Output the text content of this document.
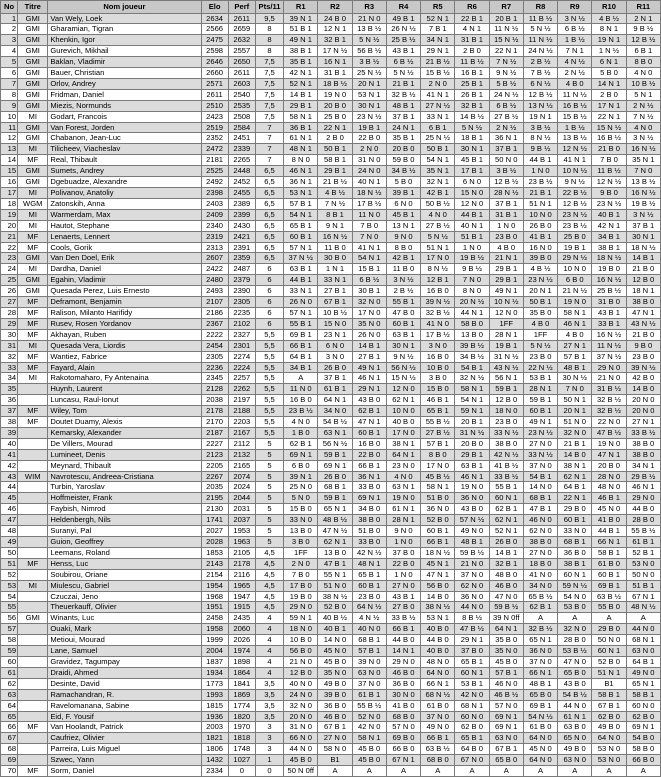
No	Titre	Nom joueur	Elo	Perf	Pts/11	R1	R2	R3	R4	R5	R6	R7	R8	R9	R10	R11
1	GMI	Van Wely, Loek	2634	2611	9,5	39 N 1	24 B 0	21 N 0	49 B 1	52 N 1	22 B 1	20 B 1	11 B ½	3 N ½	4 B ½	2 N 1
2	GMI	Gharamian, Tigran	2566	2659	8	51 B 1	12 N 1	13 B ½	26 N ½	7 B 1	4 N 1	11 N ½	5 N ½	6 B ½	8 N 1	9 B ½
3	GMI	Khenkin, Igor	2475	2632	8	49 N 1	32 B 1	5 N ½	25 B ½	34 N 1	31 B 1	15 N ½	11 N ½	1 B ½	19 N 1	12 B ½
4	GMI	Gurevich, Mikhail	2598	2557	8	38 B 1	17 N ½	56 B ½	43 B 1	29 N 1	2 B 0	22 N 1	24 N ½	7 N 1	1 N ½	6 B 1
5	GMI	Baklan, Vladimir	2646	2650	7,5	35 B 1	16 N 1	3 B ½	6 B ½	21 B ½	11 B ½	7 N ½	2 B ½	4 N ½	6 N 1	8 B 0
6	GMI	Bauer, Christian	2660	2611	7,5	42 N 1	31 B 1	25 N ½	5 N ½	15 B ½	16 B 1	9 N ½	7 B ½	2 N ½	5 B 0	4 N 0
7	GMI	Orlov, Andrey	2571	2603	7,5	52 N 1	18 B ½	20 N 1	21 B 1	2 N 0	25 B 1	5 B ½	6 N ½	4 B 0	14 N 1	10 B ½
8	GMI	Fridman, Daniel	2611	2540	7,5	14 B 1	19 N 0	53 N 1	32 B ½	41 N 1	26 B 1	24 N ½	12 B ½	11 N ½	2 B 0	5 N 1
9	GMI	Miezis, Normunds	2510	2535	7,5	29 B 1	20 B 0	30 N 1	48 B 1	27 N ½	32 B 1	6 B ½	13 N ½	16 B ½	17 N 1	2 N ½
10	MI	Godart, Francois	2423	2508	7,5	58 N 1	25 B 0	23 N ½	37 B 1	33 N 1	14 B ½	27 B ½	19 N 1	15 B ½	22 N 1	7 N ½
11	GMI	Van Forest, Jorden	2519	2584	7	36 B 1	22 N 1	19 B 1	24 N 1	6 B 1	5 N ½	2 N ½	3 B ½	1 B ½	15 N ½	4 N 0
12	GMI	Chabanon, Jean-Luc	2352	2451	7	61 N 1	2 B 0	22 B 0	35 B 1	25 N ½	18 B 1	36 N 1	8 N ½	13 B ½	16 B ½	3 N ½
13	MI	Tilicheev, Viacheslav	2472	2339	7	48 N 1	50 B 1	2 N 0	20 B 0	50 B 1	30 N 1	37 B 1	9 B ½	12 N ½	21 B 0	16 N ½
14	MF	Real, Thibault	2181	2265	7	8 N 0	58 B 1	31 N 0	59 B 0	54 N 1	45 B 1	50 N 0	44 B 1	41 N 1	7 B 0	35 N 1
15	GMI	Sumets, Andrey	2525	2448	6,5	46 N 1	29 B 1	24 N 0	34 B ½	35 N 1	17 B 1	3 B ½	1 N 0	10 N ½	11 B ½	7 N 0
16	GMI	Dgebuadze, Alexandre	2492	2452	6,5	36 N 1	21 B ½	40 N 1	5 B 0	32 N 1	6 N 0	12 B ½	23 B ½	9 N ½	12 N ½	13 B ½
17	MI	Polivanov, Anatoliy	2398	2455	6,5	53 N 1	4 B ½	18 N ½	39 B 1	42 B 1	15 N 0	28 N ½	21 B 1	22 B ½	9 B 0	16 N ½
18	WGM	Zatonskih, Anna	2403	2389	6,5	57 B 1	7 N ½	17 B ½	6 N 0	50 B ½	12 N 0	37 B 1	51 N 1	12 B ½	23 N ½	19 B ½
19	MI	Warmerdam, Max	2409	2399	6,5	54 N 1	8 B 1	11 N 0	45 B 1	4 N 0	44 B 1	31 B 1	10 N 0	23 N ½	40 B 1	3 N ½
20	MI	Hautot, Stephane	2340	2430	6,5	65 B 1	9 N 1	7 B 0	13 N 1	27 B ½	40 N 1	1 N 0	26 B 0	23 B ½	42 N 1	37 B 1
21	MF	Lenaerts, Lennert	2319	2421	6,5	60 B 1	16 N ½	7 N 0	9 N 0	5 N ½	51 B 1	23 B 0	41 B 1	25 B 0	34 B 1	30 N 1
22	MF	Cools, Gorik	2313	2391	6,5	57 N 1	11 B 0	41 N 1	8 B 0	51 N 1	1 N 0	4 B 0	16 N 0	19 B 1	38 B 1	18 N ½
23	GMI	Van Den Doel, Erik	2607	2359	6,5	37 N ½	30 B 0	54 N 1	42 B 1	17 N 0	19 B ½	21 N 1	39 B 0	29 N ½	18 N ½	14 B 1
24	MI	Dardha, Daniel	2422	2487	6	63 B 1	1 N 1	15 B 1	11 B 0	8 N ½	9 B ½	29 B 1	4 B ½	10 N 0	19 B 0	21 B 0
25	GMI	Egahin, Vladimir	2480	2379	6	44 B 1	33 N 1	6 B ½	3 N ½	12 B 1	7 N 0	29 B 1	23 N ½	6 B 0	16 N ½	12 B 0
26	GMI	Quesada Perez, Luis Ernesto	2493	2390	6	33 N 1	27 B 1	30 B 1	2 B ½	16 B 0	8 N 0	49 N 1	20 N 1	21 N ½	25 B ½	18 N 1
27	MF	Deframont, Benjamin	2107	2305	6	26 N 0	67 B 1	32 N 0	55 B 1	39 N ½	20 N ½	10 N ½	50 B 1	19 N 0	31 B 0	38 B 0
28	MF	Ralison, Milanto Harifidy	2186	2235	6	57 N 1	10 B ½	17 N 0	47 B 0	32 B ½	44 N 1	12 N 0	35 B 0	58 N 1	43 B 1	47 N 1
29	MF	Rusev, Rosen Yordanov	2367	2102	6	55 B 1	15 N 0	35 N 0	60 B 1	41 N 0	58 B 0	1FF	4 B 0	46 N 1	33 B 1	43 N ½
30	MF	Akhayan, Ruben	2222	2327	5,5	69 B 1	23 N 1	26 N 0	63 B 1	17 B ½	13 B 0	28 N 1	1FF	4 B 0	16 N ½	21 B 0
31	MI	Quesada Vera, Liordis	2454	2301	5,5	66 B 1	6 N 0	14 B 1	30 N 1	3 N 0	39 B ½	19 B 1	5 N ½	27 N 1	11 N ½	9 B 0
32	MF	Wantiez, Fabrice	2305	2274	5,5	64 B 1	3 N 0	27 B 1	9 N ½	16 B 0	34 B ½	31 N ½	23 B 0	57 B 1	37 N ½	23 B 0
33	MF	Fayard, Alain	2236	2224	5,5	34 B 1	26 B 0	49 N 1	56 N ½	10 B 0	54 B 1	43 N ½	22 N ½	48 B 1	29 N 0	39 N ½
34	MI	Rakotomaharo, Fy Antenaina	2345	2257	5,5	A	37 B 1	46 N 1	15 N ½	3 B 0	32 N ½	56 N 1	53 B 1	30 N ½	21 N 0	42 B 0
35		Huynh, Laurent	2128	2262	5,5	11 N 0	61 B 1	29 N 1	12 N 0	15 B 0	58 N 1	59 B 1	28 N 1	7 N 0	31 B ½	14 B 0
36		Luncasu, Raul-Ionut	2038	2197	5,5	16 B 0	64 N 1	43 B 0	62 N 1	46 B 1	54 N 1	12 B 0	59 B 1	50 N 1	32 B ½	20 N 0
37	MF	Wiley, Tom	2178	2188	5,5	23 B ½	34 N 0	62 B 1	10 N 0	65 B 1	59 N 1	18 N 0	60 B 1	20 N 1	32 B ½	20 N 0
38	MF	Doutet Duamy, Alexis	2170	2203	5,5	4 N 0	54 B ½	47 N 1	40 B 0	55 B ½	20 B 1	23 B 0	49 N 1	51 N 0	22 N 0	27 N 1
39		Kemarsky, Alexander	2187	2167	5,5	1 B 0	63 N 1	60 B 1	17 N 0	27 B ½	31 N ½	33 N ½	23 N ½	32 N 0	47 B ½	33 B ½
40		De Villers, Mourad	2227	2112	5	62 B 1	56 N ½	16 B 0	38 N 1	57 B 1	20 B 0	38 B 0	27 N 0	21 B 1	19 N 0	38 B 0
41		Lumineet, Denis	2123	2132	5	69 N 1	59 B 1	22 B 0	64 N 1	8 B 0	29 B 1	42 N ½	33 N ½	14 B 0	47 N 1	38 B 0
42		Meynard, Thibault	2205	2165	5	6 B 0	69 N 1	66 B 1	23 N 0	17 N 0	63 B 1	41 B ½	37 N 0	38 N 1	20 B 0	34 N 1
43	WIM	Navrotescu, Andreea-Cristiana	2267	2074	5	39 N 1	26 B 0	36 N 1	4 N 0	45 B ½	46 N 1	33 B ½	54 B 1	62 N 1	28 N 0	29 B ½
44		Turbin, Yaroslav	2035	2024	5	25 N 0	68 B 1	33 B 0	63 N 1	58 N 1	19 N 0	55 B 1	14 N 0	64 B 1	48 N 0	46 N 1
45		Hoffmeister, Frank	2195	2044	5	5 N 0	59 B 1	69 N 1	19 N 0	51 B 0	36 N 0	60 N 1	68 B 1	22 N 1	46 B 1	29 N 0
46		Faybish, Nimrod	2130	2031	5	15 B 0	65 N 1	34 B 0	61 N 1	36 N 0	43 B 0	62 B 1	47 B 1	29 B 0	45 N 0	44 B 0
47		Heldenbergh, Nils	1741	2037	5	33 N 0	48 B ½	38 B 0	28 N 1	52 B 0	57 N ½	62 N 1	46 N 0	60 B 1	41 B 0	28 B 0
48		Suranyi, Pal	2027	1953	5	13 B 0	47 N ½	51 B 0	9 N 0	60 B 1	49 N 0	52 N 1	62 N 0	33 N 0	44 B 1	55 B ½
49		Guion, Geoffrey	2028	1963	5	3 B 0	62 N 1	33 B 0	1 N 0	66 B 1	48 B 1	26 B 0	38 B 0	68 B 1	66 N 1	61 B 1
50		Leemans, Roland	1853	2105	4,5	1FF	13 B 0	42 N ½	37 B 0	18 N ½	59 B ½	14 B 1	27 N 0	36 B 0	58 B 1	52 B 1
51	MF	Henss, Luc	2143	2178	4,5	2 N 0	47 B 1	48 N 1	22 B 0	45 N 1	21 N 0	32 B 1	18 B 0	38 B 1	61 B 0	53 N 0
52		Soubirou, Oriane	2154	2116	4,5	7 B 0	55 N 1	65 B 1	1 N 0	47 N 1	37 N 0	48 B 0	41 N 0	60 N 1	60 B 1	50 N 0
53	MI	Miulescu, Gabriel	1954	1965	4,5	17 B 0	51 N 0	60 B 1	27 N 0	56 B 0	62 N 0	46 B 0	34 N 0	59 N ½	69 B 1	51 B 1
54		Czuczai, Jeno	1968	1947	4,5	19 B 0	38 N ½	23 B 0	43 B 1	14 B 0	36 N 0	47 N 0	65 B ½	54 N 0	63 B ½	67 N 1
55		Theuerkauff, Olivier	1951	1915	4,5	29 N 0	52 B 0	64 N ½	27 B 0	38 N ½	44 N 0	59 B ½	62 B 1	53 B 0	55 B 0	48 N ½
56	GMI	Winants, Luc	2458	2435	4	59 N 1	40 B ½	4 N ½	33 B ½	53 N 1	8 B ½	39 N 0ff	A	A	A	A
57		Ouaki, Mark	1958	2060	4	18 N 0	40 B 1	40 N 0	66 B 1	40 B 0	47 B ½	64 N 1	32 B ½	32 N 0	29 B 0	44 N 0
58		Metioui, Mourad	1999	2026	4	10 B 0	14 N 0	68 B 1	44 B 0	44 B 0	29 N 1	35 B 0	65 N 1	28 B 0	50 N 0	68 N 1
59		Lane, Samuel	2004	1974	4	56 B 0	45 N 0	57 B 1	14 N 1	40 B 0	37 B 0	35 N 0	36 N 0	53 B ½	60 N 1	63 N 0
60		Gravidez, Tagumpay	1837	1898	4	21 N 0	45 B 0	39 N 0	29 N 0	48 N 0	65 B 1	45 B 0	37 N 0	47 N 0	52 B 0	64 B 1
61		Draidi, Ahmed	1934	1864	4	12 B 0	35 N 0	63 N 0	46 B 0	64 N 0	60 N 1	57 B 1	66 N 1	65 B 0	51 N 1	49 N 0
62		Desinte, David	1773	1841	3,5	40 N 0	49 B 0	37 N 0	36 B 0	66 N 1	53 B 1	46 N 0	48 B 1	43 B 0	B1	65 N 1
63		Ramachandran, R.	1993	1869	3,5	24 N 0	39 B 0	61 B 1	30 N 0	68 N ½	42 N 0	46 B ½	65 B 0	54 B ½	58 B 1	58 B 1
64		Ravelomanana, Sabine	1815	1774	3,5	32 N 0	36 B 0	55 B ½	41 B 0	61 B 0	68 N 1	57 N 0	69 B 1	44 N 0	67 B 1	60 N 0
65		Eid, F. Yousif	1936	1820	3,5	20 N 0	46 B 0	52 N 0	68 B 0	37 N 0	60 N 0	69 N 1	54 N ½	61 N 1	62 B 0	62 B 0
66	MF	Van Hoolandt, Patrick	2003	1970	3	31 N 0	67 B 1	42 N 0	57 N 0	49 N 0	62 B 0	69 N 1	61 B 0	63 B 0	49 B 0	69 N 1
67		Caufriez, Olivier	1821	1818	3	66 N 0	27 N 0	58 N 1	69 B 0	66 B 1	65 B 1	63 N 0	64 N 0	65 N 0	64 N 0	54 B 0
68		Parreira, Luis Miguel	1806	1748	3	44 N 0	58 N 0	45 B 0	66 B 0	63 B ½	64 B 0	67 B 1	45 N 0	49 B 0	53 N 0	58 B 0
69		Szwec, Yann	1432	1027	1	45 B 0	B1	45 B 0	67 N 1	68 B 0	67 N 0	65 B 0	64 N 0	63 N 0	53 N 0	66 B 0
70	MF	Sorm, Daniel	2334	0	0	50 N 0ff	A	A	A	A	A	A	A	A	A	A
